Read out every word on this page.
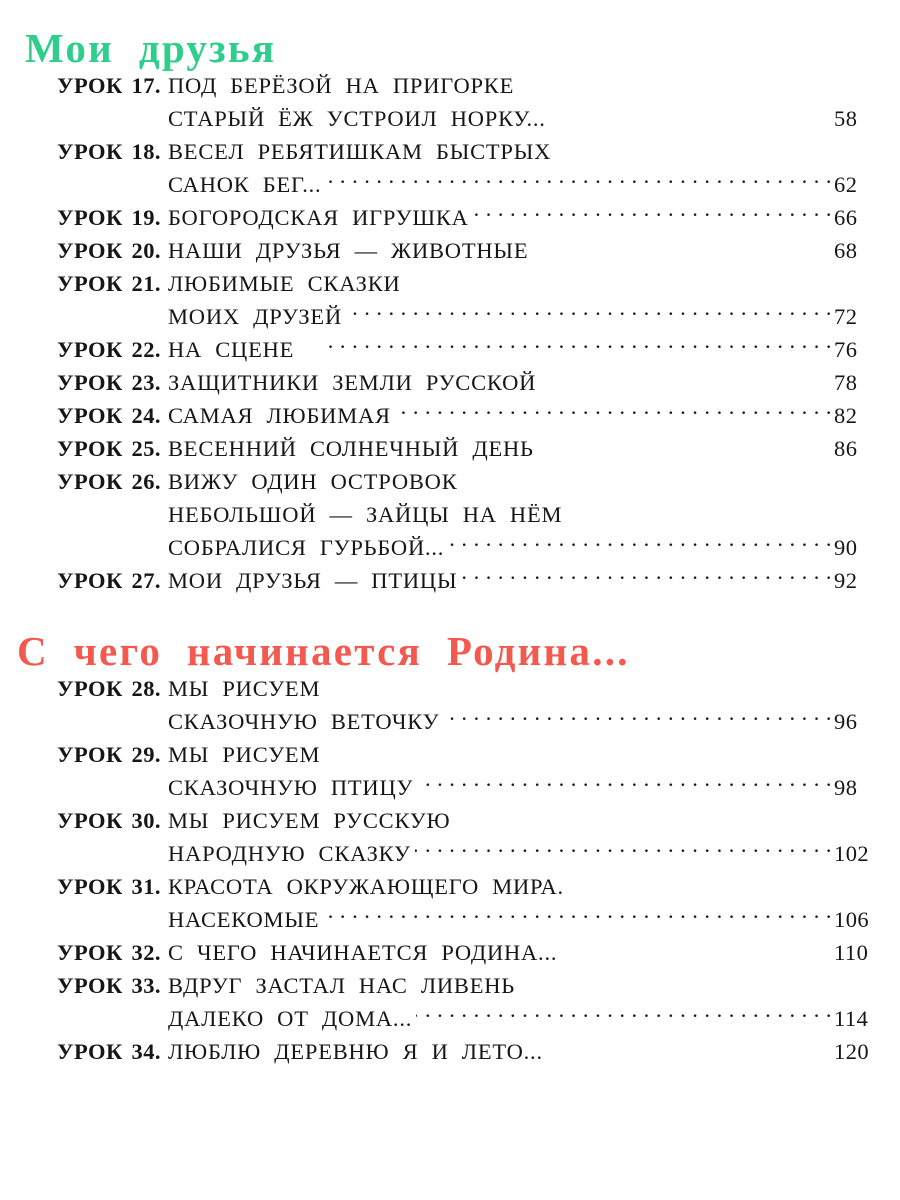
Мои друзья
УРОК 17. ПОД БЕРЁЗОЙ НА ПРИГОРКЕ
СТАРЫЙ ЁЖ УСТРОИЛ НОРКУ...	58
УРОК 18. ВЕСЕЛ РЕБЯТИШКАМ БЫСТРЫХ
САНОК БЕГ... . . .	62
УРОК 19. БОГОРОДСКАЯ ИГРУШКА . . .	66
УРОК 20. НАШИ ДРУЗЬЯ — ЖИВОТНЫЕ	68
УРОК 21. ЛЮБИМЫЕ СКАЗКИ
МОИХ ДРУЗЕЙ . . .	72
УРОК 22. НА СЦЕНЕ . . .	76
УРОК 23. ЗАЩИТНИКИ ЗЕМЛИ РУССКОЙ	78
УРОК 24. САМАЯ ЛЮБИМАЯ . . .	82
УРОК 25. ВЕСЕННИЙ СОЛНЕЧНЫЙ ДЕНЬ	86
УРОК 26. ВИЖУ ОДИН ОСТРОВОК
НЕБОЛЬШОЙ — ЗАЙЦЫ НА НЁМ
СОБРАЛИСЯ ГУРЬБОЙ... . . .	90
УРОК 27. МОИ ДРУЗЬЯ — ПТИЦЫ . . .	92
С чего начинается Родина...
УРОК 28. МЫ РИСУЕМ
СКАЗОЧНУЮ ВЕТОЧКУ . . .	96
УРОК 29. МЫ РИСУЕМ
СКАЗОЧНУЮ ПТИЦУ . . .	98
УРОК 30. МЫ РИСУЕМ РУССКУЮ
НАРОДНУЮ СКАЗКУ . . .	102
УРОК 31. КРАСОТА ОКРУЖАЮЩЕГО МИРА.
НАСЕКОМЫЕ . . .	106
УРОК 32. С ЧЕГО НАЧИНАЕТСЯ РОДИНА...	110
УРОК 33. ВДРУГ ЗАСТАЛ НАС ЛИВЕНЬ
ДАЛЕКО ОТ ДОМА... . . .	114
УРОК 34. ЛЮБЛЮ ДЕРЕВНЮ Я И ЛЕТО...	120
